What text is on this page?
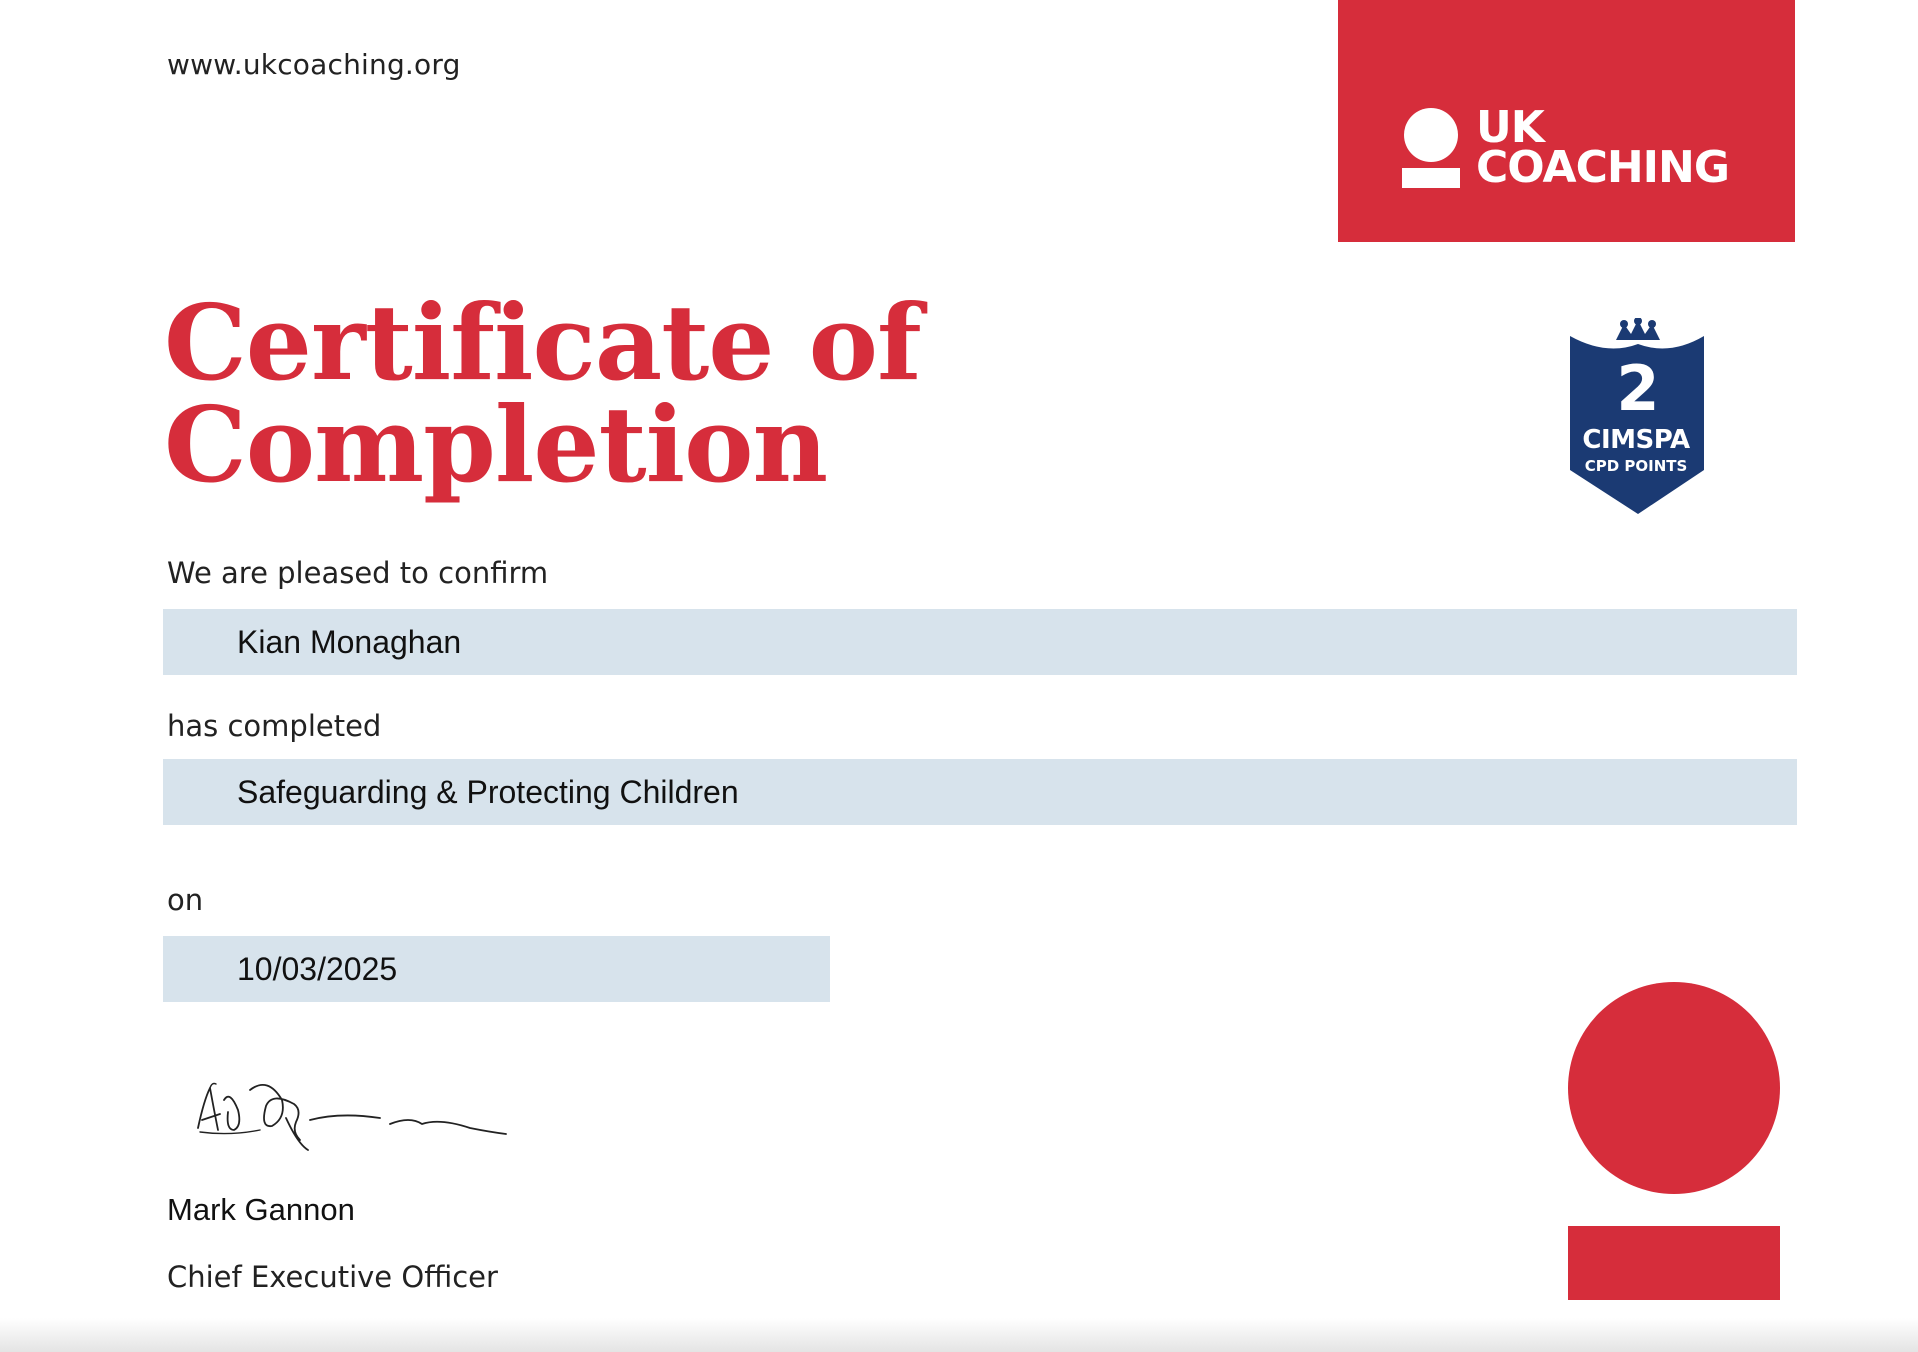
www.ukcoaching.org
UK
COACHING
Certificate of
Completion	2
CIMSPA
CPD POINTS
We are pleased to confirm
Kian Monaghan
has completed
Safeguarding & Protecting Children
on
10/03/2025
Mark Gannon
Chief Executive Officer
